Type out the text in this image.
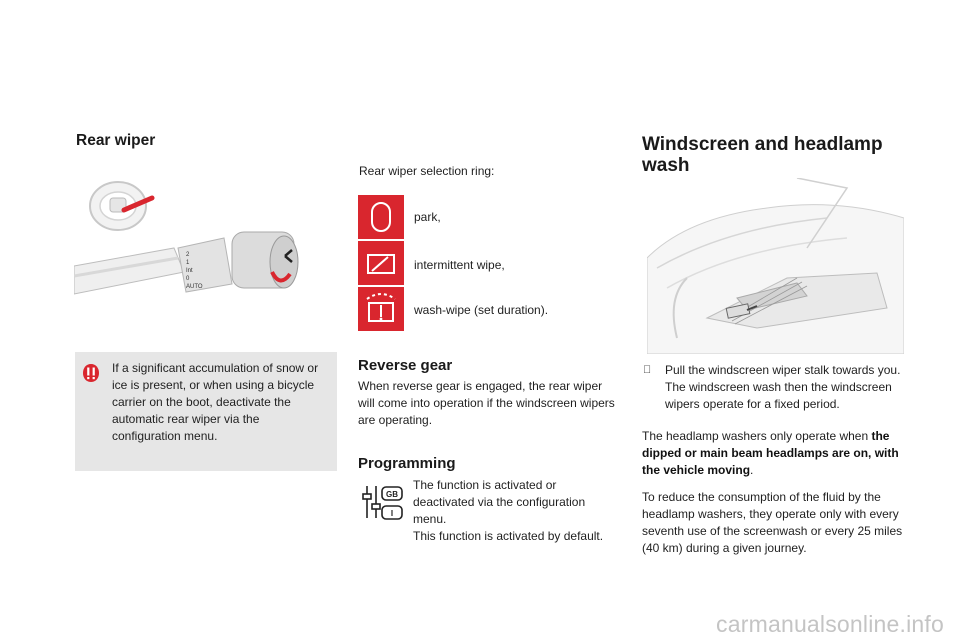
Rear wiper
2
1
Int
0
AUTO
If a significant accumulation of snow or ice is present, or when using a bicycle carrier on the boot, deactivate the automatic rear wiper via the configuration menu.
Rear wiper selection ring:
park,
intermittent wipe,
wash-wipe (set duration).
Reverse gear
When reverse gear is engaged, the rear wiper will come into operation if the windscreen wipers are operating.
Programming
GB
I
The function is activated or deactivated via the configuration menu.
This function is activated by default.
Windscreen and headlamp wash
Pull the windscreen wiper stalk towards you. The windscreen wash then the windscreen wipers operate for a fixed period.
The headlamp washers only operate when the dipped or main beam headlamps are on, with the vehicle moving.
To reduce the consumption of the fluid by the headlamp washers, they operate only with every seventh use of the screenwash or every 25 miles (40 km) during a given journey.
carmanualsonline.info
